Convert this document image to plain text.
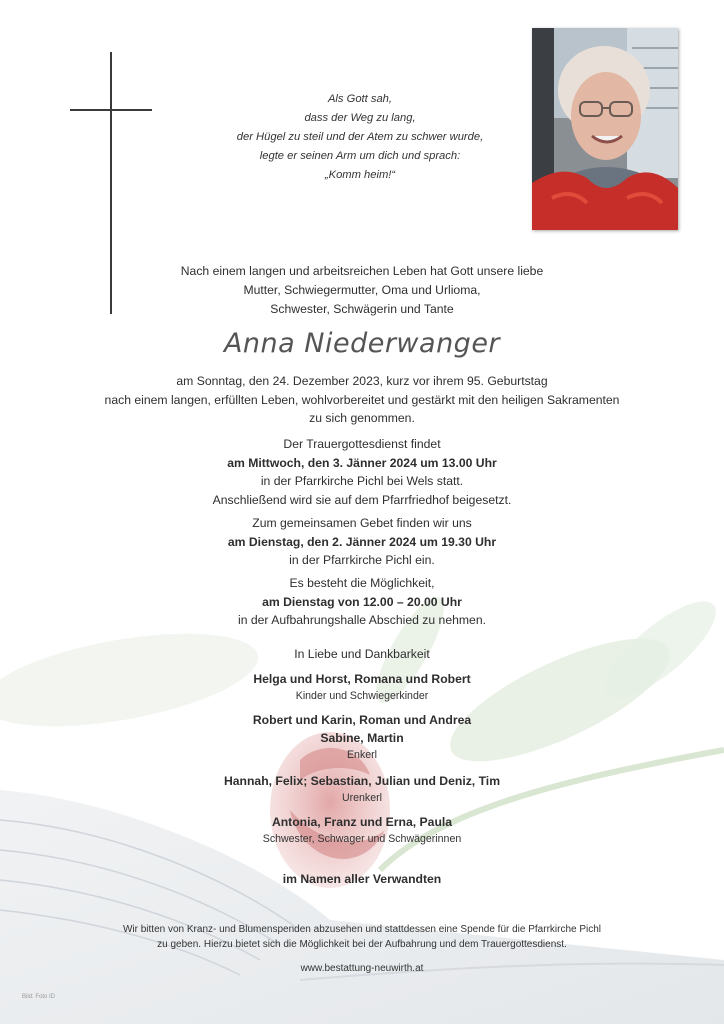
Als Gott sah,
dass der Weg zu lang,
der Hügel zu steil und der Atem zu schwer wurde,
legte er seinen Arm um dich und sprach:
„Komm heim!“
Nach einem langen und arbeitsreichen Leben hat Gott unsere liebe
Mutter, Schwiegermutter, Oma und Urlioma,
Schwester, Schwägerin und Tante
Anna Niederwanger
am Sonntag, den 24. Dezember 2023, kurz vor ihrem 95. Geburtstag
nach einem langen, erfüllten Leben, wohlvorbereitet und gestärkt mit den heiligen Sakramenten
zu sich genommen.
Der Trauergottesdienst findet
am Mittwoch, den 3. Jänner 2024 um 13.00 Uhr
in der Pfarrkirche Pichl bei Wels statt.
Anschließend wird sie auf dem Pfarrfriedhof beigesetzt.
Zum gemeinsamen Gebet finden wir uns
am Dienstag, den 2. Jänner 2024 um 19.30 Uhr
in der Pfarrkirche Pichl ein.
Es besteht die Möglichkeit,
am Dienstag von 12.00 – 20.00 Uhr
in der Aufbahrungshalle Abschied zu nehmen.
In Liebe und Dankbarkeit
Helga und Horst, Romana und Robert
Kinder und Schwiegerkinder
Robert und Karin, Roman und Andrea
Sabine, Martin
Enkerl
Hannah, Felix; Sebastian, Julian und Deniz, Tim
Urenkerl
Antonia, Franz und Erna, Paula
Schwester, Schwager und Schwägerinnen
im Namen aller Verwandten
Wir bitten von Kranz- und Blumenspenden abzusehen und stattdessen eine Spende für die Pfarrkirche Pichl
zu geben. Hierzu bietet sich die Möglichkeit bei der Aufbahrung und dem Trauergottesdienst.
www.bestattung-neuwirth.at
Bild: Foto ID
